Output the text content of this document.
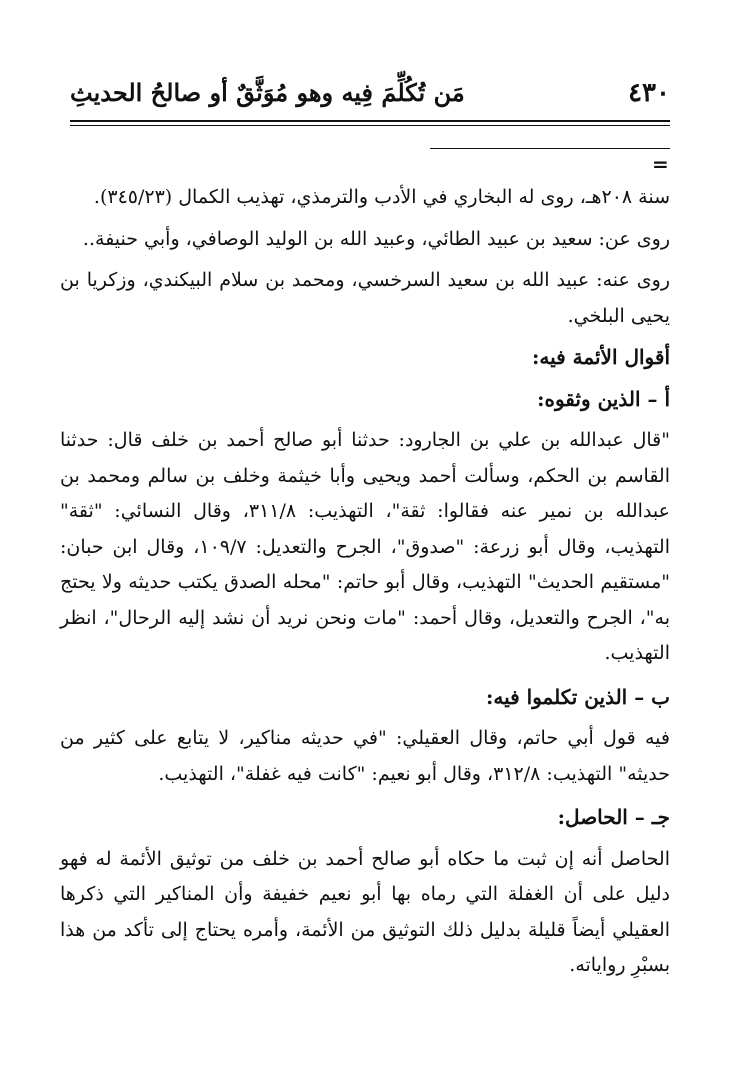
٤٣٠
مَن تُكُلِّمَ فِيه وهو مُوَثَّقٌ أو صالحُ الحديثِ
=

سنة ٢٠٨هـ، روى له البخاري في الأدب والترمذي، تهذيب الكمال (٣٤٥/٢٣).

روى عن: سعيد بن عبيد الطائي، وعبيد الله بن الوليد الوصافي، وأبي حنيفة..

روى عنه: عبيد الله بن سعيد السرخسي، ومحمد بن سلام البيكندي، وزكريا بن يحيى البلخي.

أقوال الأئمة فيه:
أ – الذين وثقوه:

"قال عبدالله بن علي بن الجارود: حدثنا أبو صالح أحمد بن خلف قال: حدثنا القاسم بن الحكم، وسألت أحمد ويحيى وأبا خيثمة وخلف بن سالم ومحمد بن عبدالله بن نمير عنه فقالوا: ثقة"، التهذيب: ٣١١/٨، وقال النسائي: "ثقة" التهذيب، وقال أبو زرعة: "صدوق"، الجرح والتعديل: ١٠٩/٧، وقال ابن حبان: "مستقيم الحديث" التهذيب، وقال أبو حاتم: "محله الصدق يكتب حديثه ولا يحتج به"، الجرح والتعديل، وقال أحمد: "مات ونحن نريد أن نشد إليه الرحال"، انظر التهذيب.

ب – الذين تكلموا فيه:

فيه قول أبي حاتم، وقال العقيلي: "في حديثه مناكير، لا يتابع على كثير من حديثه" التهذيب: ٣١٢/٨، وقال أبو نعيم: "كانت فيه غفلة"، التهذيب.

جـ – الحاصل:

الحاصل أنه إن ثبت ما حكاه أبو صالح أحمد بن خلف من توثيق الأئمة له فهو دليل على أن الغفلة التي رماه بها أبو نعيم خفيفة وأن المناكير التي ذكرها العقيلي أيضاً قليلة بدليل ذلك التوثيق من الأئمة، وأمره يحتاج إلى تأكد من هذا بسبْرِ رواياته.
